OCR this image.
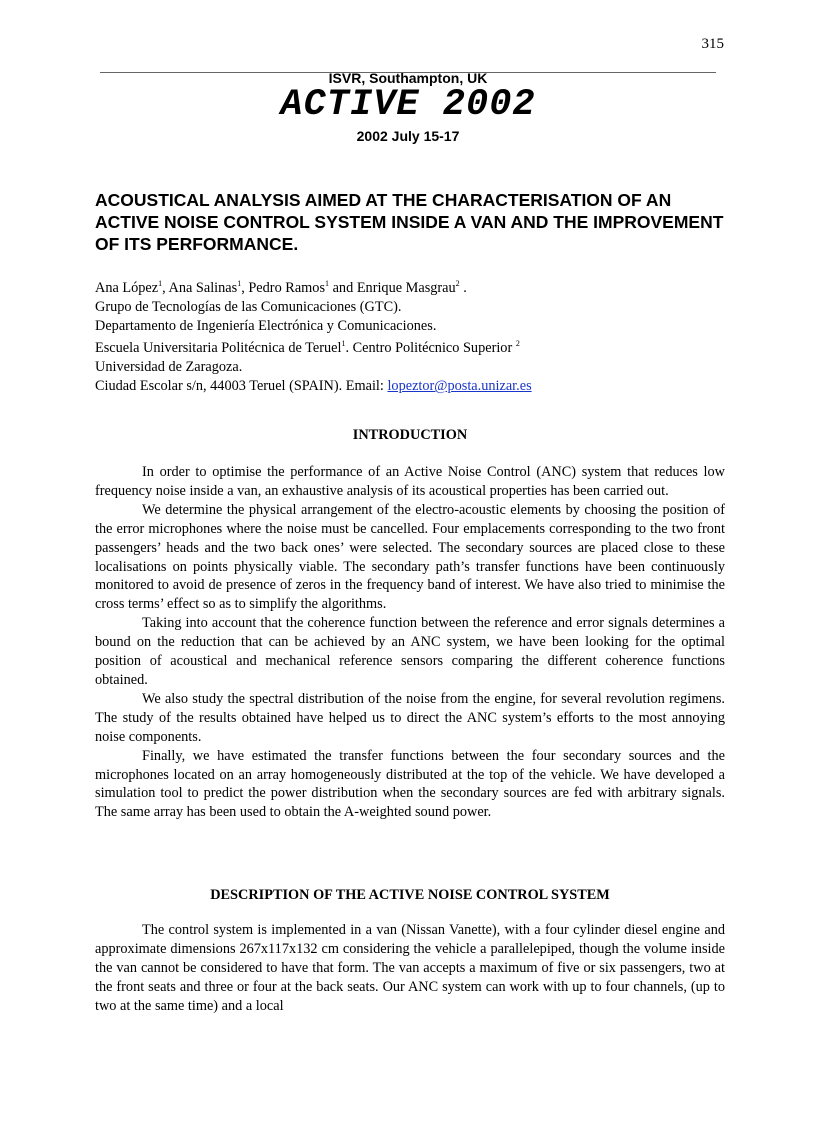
315
ISVR, Southampton, UK
ACTIVE 2002
2002 July 15-17
ACOUSTICAL ANALYSIS AIMED AT THE CHARACTERISATION OF AN ACTIVE NOISE CONTROL SYSTEM INSIDE A VAN AND THE IMPROVEMENT OF ITS PERFORMANCE.
Ana López$^1$, Ana Salinas$^1$, Pedro Ramos$^1$ and Enrique Masgrau$^2$ .
Grupo de Tecnologías de las Comunicaciones (GTC).
Departamento de Ingeniería Electrónica y Comunicaciones.
Escuela Universitaria Politécnica de Teruel$^1$. Centro Politécnico Superior $^2$
Universidad de Zaragoza.
Ciudad Escolar s/n, 44003 Teruel (SPAIN). Email: lopeztor@posta.unizar.es
INTRODUCTION

In order to optimise the performance of an Active Noise Control (ANC) system that reduces low frequency noise inside a van, an exhaustive analysis of its acoustical properties has been carried out.

We determine the physical arrangement of the electro-acoustic elements by choosing the position of the error microphones where the noise must be cancelled. Four emplacements corresponding to the two front passengers’ heads and the two back ones’ were selected. The secondary sources are placed close to these localisations on points physically viable. The secondary path’s transfer functions have been continuously monitored to avoid de presence of zeros in the frequency band of interest. We have also tried to minimise the cross terms’ effect so as to simplify the algorithms.

Taking into account that the coherence function between the reference and error signals determines a bound on the reduction that can be achieved by an ANC system, we have been looking for the optimal position of acoustical and mechanical reference sensors comparing the different coherence functions obtained.

We also study the spectral distribution of the noise from the engine, for several revolution regimens. The study of the results obtained have helped us to direct the ANC system’s efforts to the most annoying noise components.

Finally, we have estimated the transfer functions between the four secondary sources and the microphones located on an array homogeneously distributed at the top of the vehicle. We have developed a simulation tool to predict the power distribution when the secondary sources are fed with arbitrary signals. The same array has been used to obtain the A-weighted sound power.

DESCRIPTION OF THE ACTIVE NOISE CONTROL SYSTEM

The control system is implemented in a van (Nissan Vanette), with a four cylinder diesel engine and approximate dimensions 267x117x132 cm considering the vehicle a parallelepiped, though the volume inside the van cannot be considered to have that form. The van accepts a maximum of five or six passengers, two at the front seats and three or four at the back seats. Our ANC system can work with up to four channels, (up to two at the same time) and a local
